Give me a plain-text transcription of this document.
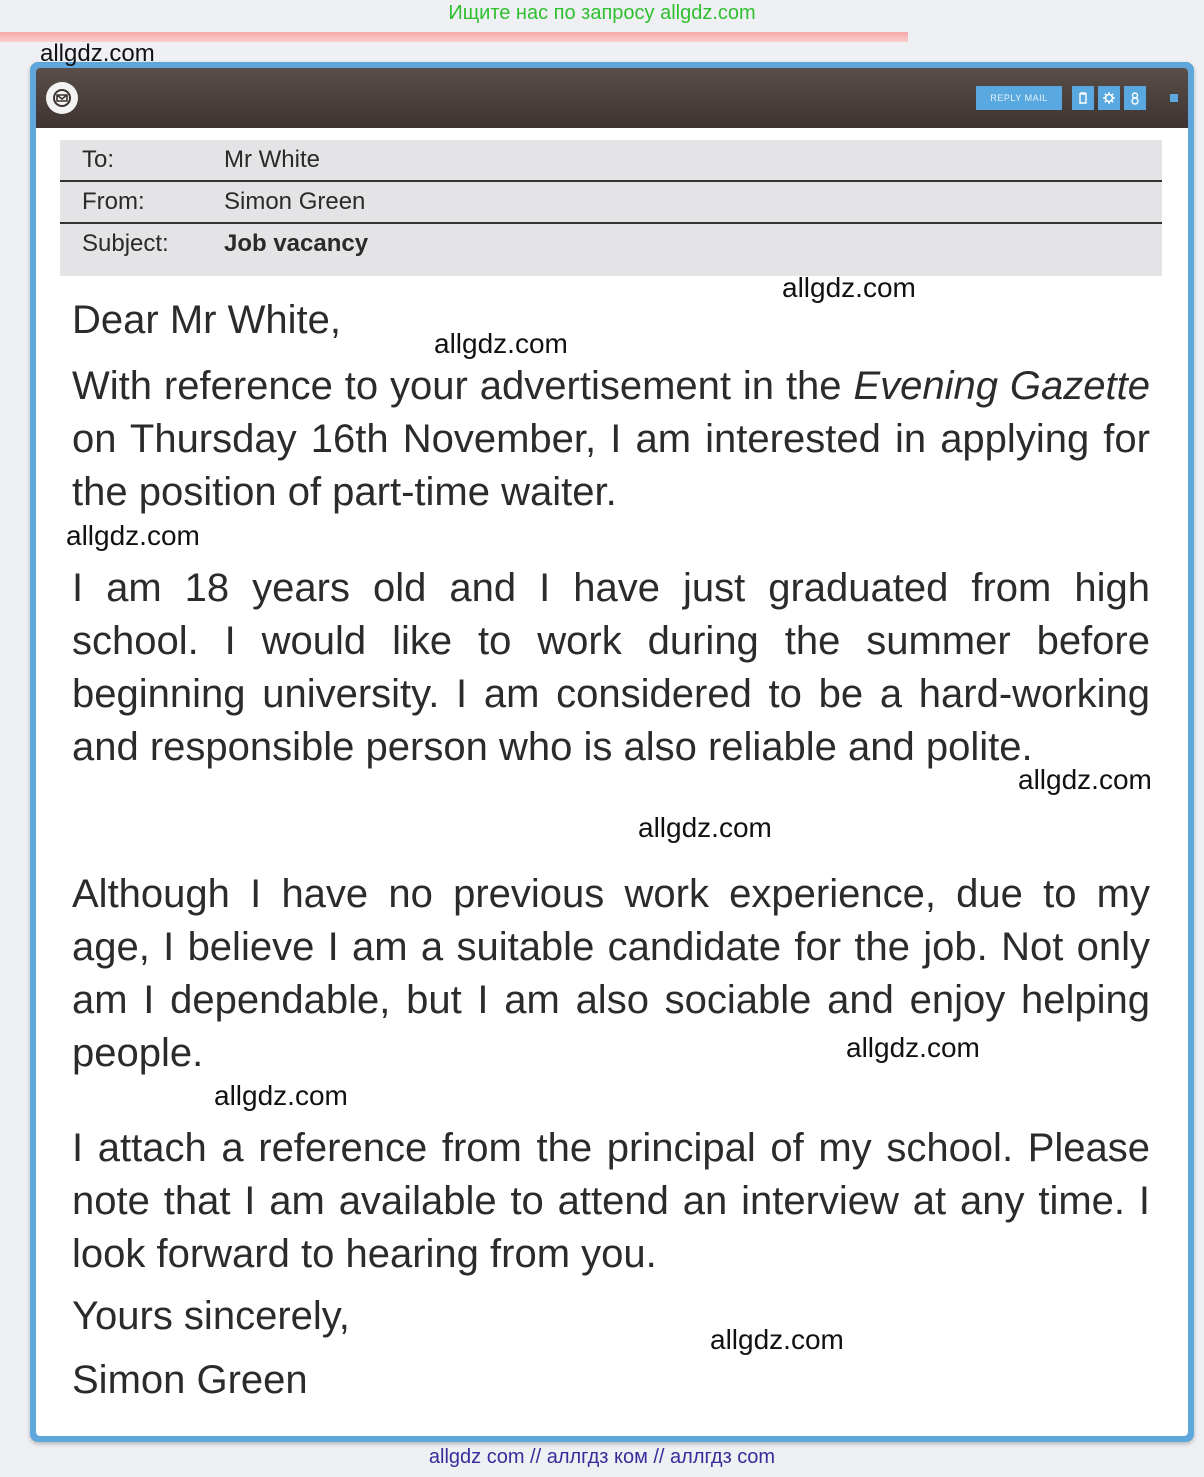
Ищите нас по запросу allgdz.com
REPLY MAIL
To:	Mr White
From:	Simon Green
Subject: Job vacancy
Dear Mr White,
With reference to your advertisement in the Evening Gazette on Thursday 16th November, I am interested in applying for the position of part-time waiter.
I am 18 years old and I have just graduated from high school. I would like to work during the summer before beginning university. I am considered to be a hard-working and responsible person who is also reliable and polite.
Although I have no previous work experience, due to my age, I believe I am a suitable candidate for the job. Not only am I dependable, but I am also sociable and enjoy helping people.
I attach a reference from the principal of my school. Please note that I am available to attend an interview at any time. I look forward to hearing from you.
Yours sincerely,
Simon Green
allgdz.com
allgdz.com
allgdz.com
allgdz.com
allgdz.com
allgdz.com
allgdz.com
allgdz.com
allgdz.com
allgdz com // аллгдз ком // аллгдз com
